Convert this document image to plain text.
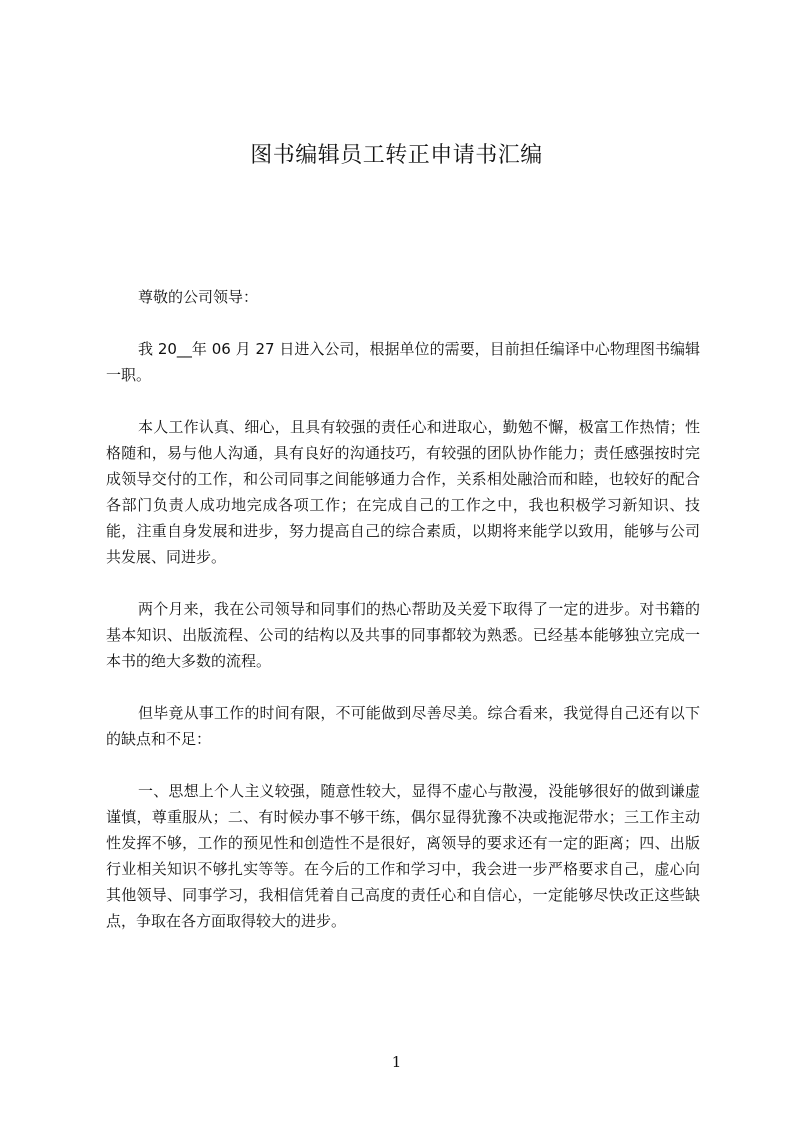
图书编辑员工转正申请书汇编

尊敬的公司领导：

我 20__年 06 月 27 日进入公司，根据单位的需要，目前担任编译中心物理图书编辑一职。

本人工作认真、细心，且具有较强的责任心和进取心，勤勉不懈，极富工作热情；性格随和，易与他人沟通，具有良好的沟通技巧，有较强的团队协作能力；责任感强按时完成领导交付的工作，和公司同事之间能够通力合作，关系相处融洽而和睦，也较好的配合各部门负责人成功地完成各项工作；在完成自己的工作之中，我也积极学习新知识、技能，注重自身发展和进步，努力提高自己的综合素质，以期将来能学以致用，能够与公司共发展、同进步。

两个月来，我在公司领导和同事们的热心帮助及关爱下取得了一定的进步。对书籍的基本知识、出版流程、公司的结构以及共事的同事都较为熟悉。已经基本能够独立完成一本书的绝大多数的流程。

但毕竟从事工作的时间有限，不可能做到尽善尽美。综合看来，我觉得自己还有以下的缺点和不足：

一、思想上个人主义较强，随意性较大，显得不虚心与散漫，没能够很好的做到谦虚谨慎，尊重服从；二、有时候办事不够干练，偶尔显得犹豫不决或拖泥带水；三工作主动性发挥不够，工作的预见性和创造性不是很好，离领导的要求还有一定的距离；四、出版行业相关知识不够扎实等等。在今后的工作和学习中，我会进一步严格要求自己，虚心向其他领导、同事学习，我相信凭着自己高度的责任心和自信心，一定能够尽快改正这些缺点，争取在各方面取得较大的进步。

1
